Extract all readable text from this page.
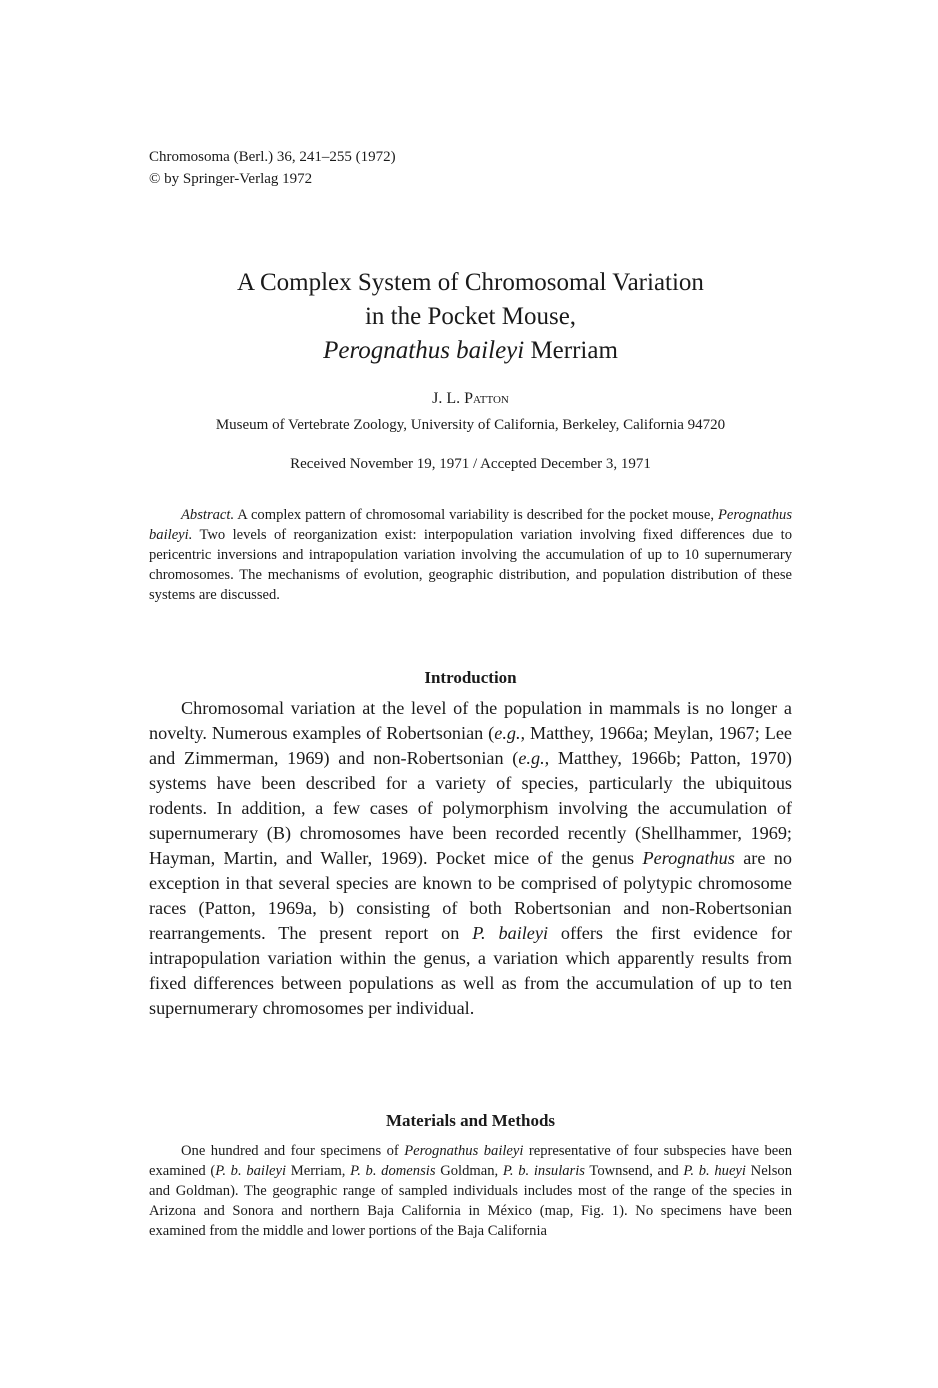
Chromosoma (Berl.) 36, 241–255 (1972)
© by Springer-Verlag 1972
A Complex System of Chromosomal Variation
in the Pocket Mouse,
Perognathus baileyi Merriam
J. L. Patton
Museum of Vertebrate Zoology, University of California, Berkeley, California 94720
Received November 19, 1971 / Accepted December 3, 1971
Abstract. A complex pattern of chromosomal variability is described for the pocket mouse, Perognathus baileyi. Two levels of reorganization exist: interpopulation variation involving fixed differences due to pericentric inversions and intrapopulation variation involving the accumulation of up to 10 supernumerary chromosomes. The mechanisms of evolution, geographic distribution, and population distribution of these systems are discussed.
Introduction
Chromosomal variation at the level of the population in mammals is no longer a novelty. Numerous examples of Robertsonian (e.g., Matthey, 1966a; Meylan, 1967; Lee and Zimmerman, 1969) and non-Robertsonian (e.g., Matthey, 1966b; Patton, 1970) systems have been described for a variety of species, particularly the ubiquitous rodents. In addition, a few cases of polymorphism involving the accumulation of supernumerary (B) chromosomes have been recorded recently (Shellhammer, 1969; Hayman, Martin, and Waller, 1969). Pocket mice of the genus Perognathus are no exception in that several species are known to be comprised of polytypic chromosome races (Patton, 1969a, b) consisting of both Robertsonian and non-Robertsonian rearrangements. The present report on P. baileyi offers the first evidence for intrapopulation variation within the genus, a variation which apparently results from fixed differences between populations as well as from the accumulation of up to ten supernumerary chromosomes per individual.
Materials and Methods
One hundred and four specimens of Perognathus baileyi representative of four subspecies have been examined (P. b. baileyi Merriam, P. b. domensis Goldman, P. b. insularis Townsend, and P. b. hueyi Nelson and Goldman). The geographic range of sampled individuals includes most of the range of the species in Arizona and Sonora and northern Baja California in México (map, Fig. 1). No specimens have been examined from the middle and lower portions of the Baja California
